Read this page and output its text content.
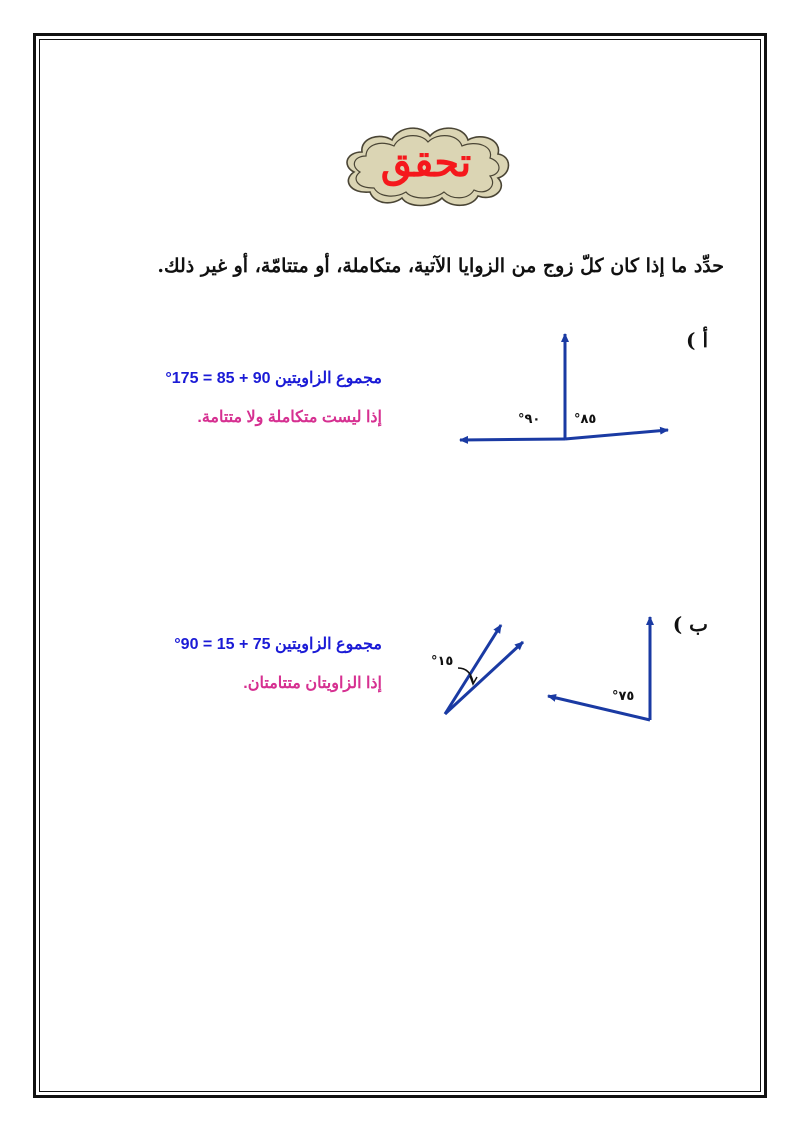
تحقق
حدِّد ما إذا كان كلّ زوج من الزوايا الآتية، متكاملة، أو متتامّة، أو غير ذلك.
أ )
مجموع الزاويتين 90 + 85 = 175°
إذا ليست متكاملة ولا متتامة.	°٩٠	°٨٥
ب )
مجموع الزاويتين 75 + 15 = 90°
إذا الزاويتان متتامتان.
°١٥
°٧٥
